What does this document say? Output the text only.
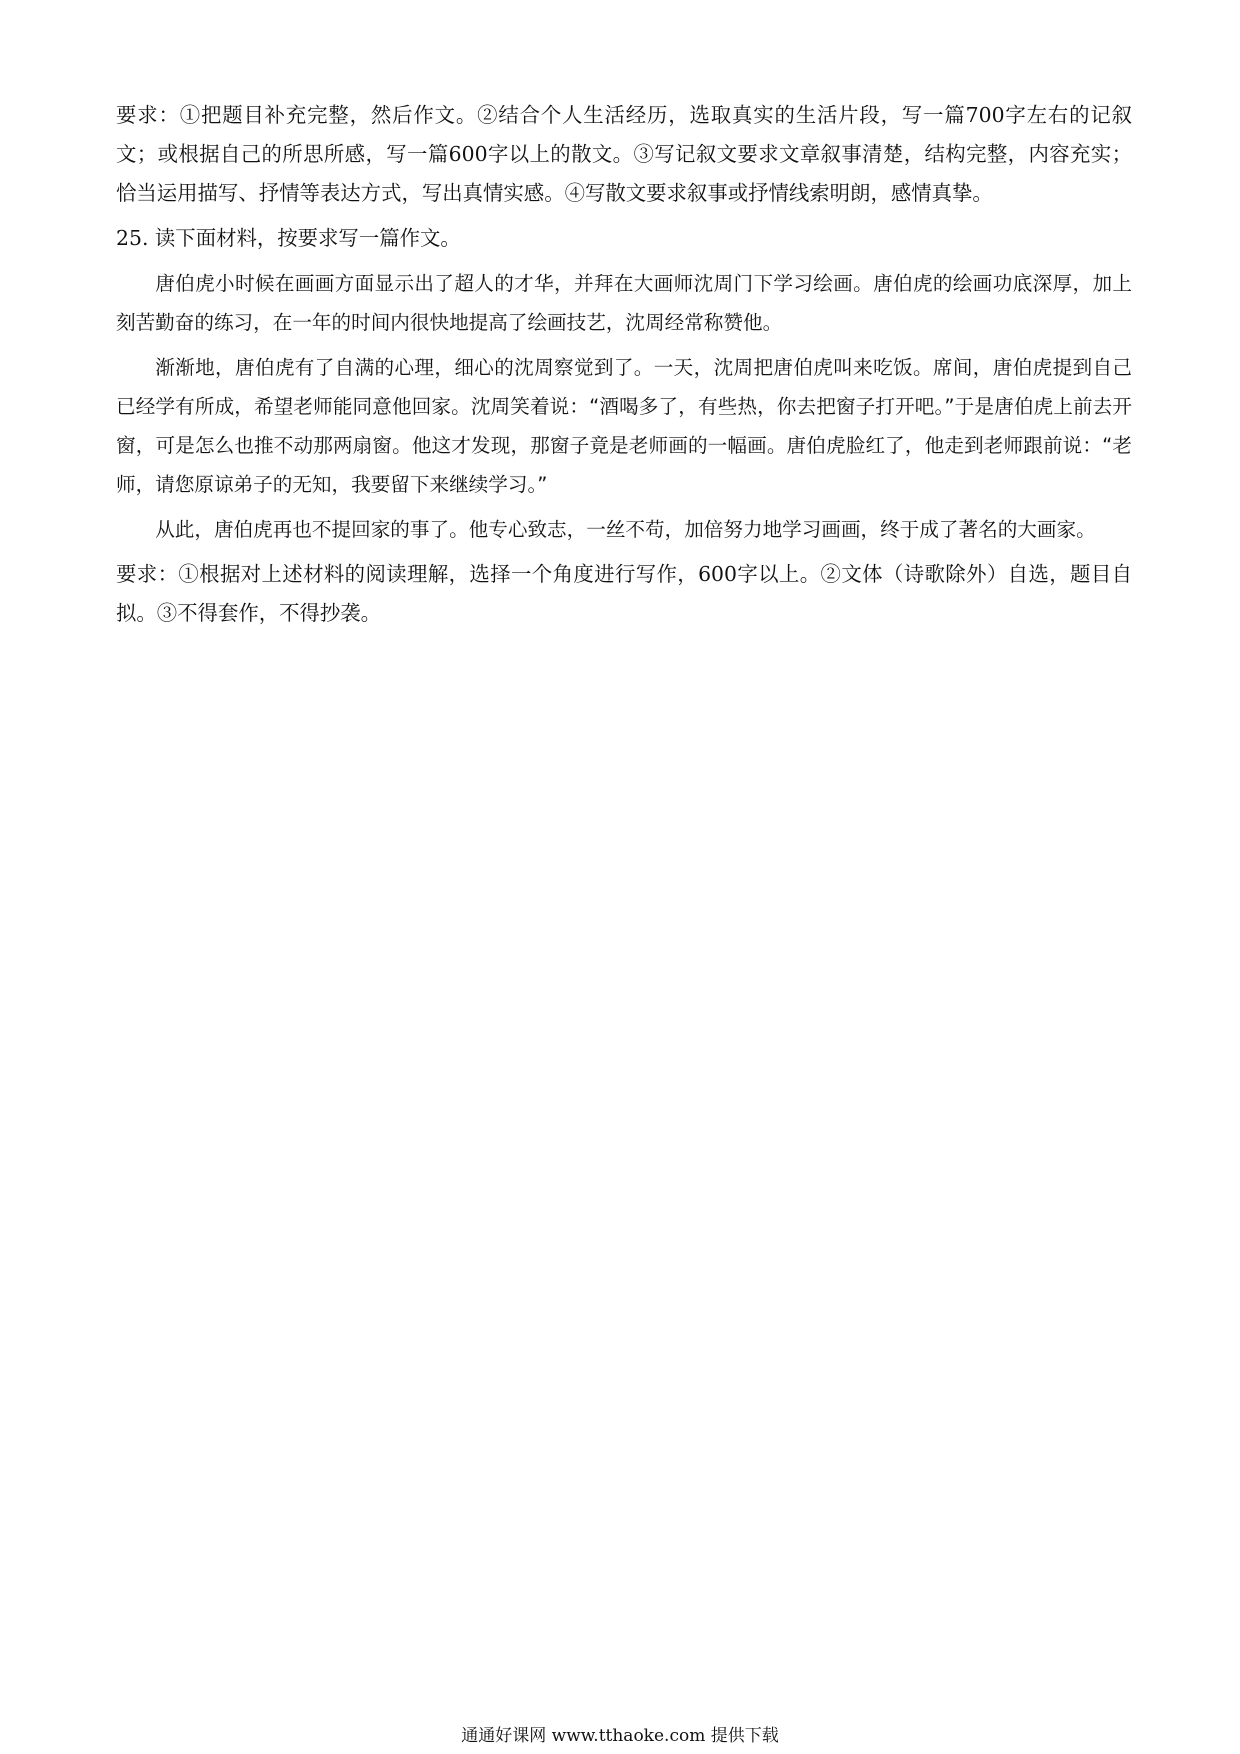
要求：①把题目补充完整，然后作文。②结合个人生活经历，选取真实的生活片段，写一篇700字左右的记叙文；或根据自己的所思所感，写一篇600字以上的散文。③写记叙文要求文章叙事清楚，结构完整，内容充实；恰当运用描写、抒情等表达方式，写出真情实感。④写散文要求叙事或抒情线索明朗，感情真挚。

25. 读下面材料，按要求写一篇作文。

唐伯虎小时候在画画方面显示出了超人的才华，并拜在大画师沈周门下学习绘画。唐伯虎的绘画功底深厚，加上刻苦勤奋的练习，在一年的时间内很快地提高了绘画技艺，沈周经常称赞他。

渐渐地，唐伯虎有了自满的心理，细心的沈周察觉到了。一天，沈周把唐伯虎叫来吃饭。席间，唐伯虎提到自己已经学有所成，希望老师能同意他回家。沈周笑着说：“酒喝多了，有些热，你去把窗子打开吧。”于是唐伯虎上前去开窗，可是怎么也推不动那两扇窗。他这才发现，那窗子竟是老师画的一幅画。唐伯虎脸红了，他走到老师跟前说：“老师，请您原谅弟子的无知，我要留下来继续学习。”

从此，唐伯虎再也不提回家的事了。他专心致志，一丝不苟，加倍努力地学习画画，终于成了著名的大画家。

要求：①根据对上述材料的阅读理解，选择一个角度进行写作，600字以上。②文体（诗歌除外）自选，题目自拟。③不得套作，不得抄袭。

通通好课网 www.tthaoke.com 提供下载
